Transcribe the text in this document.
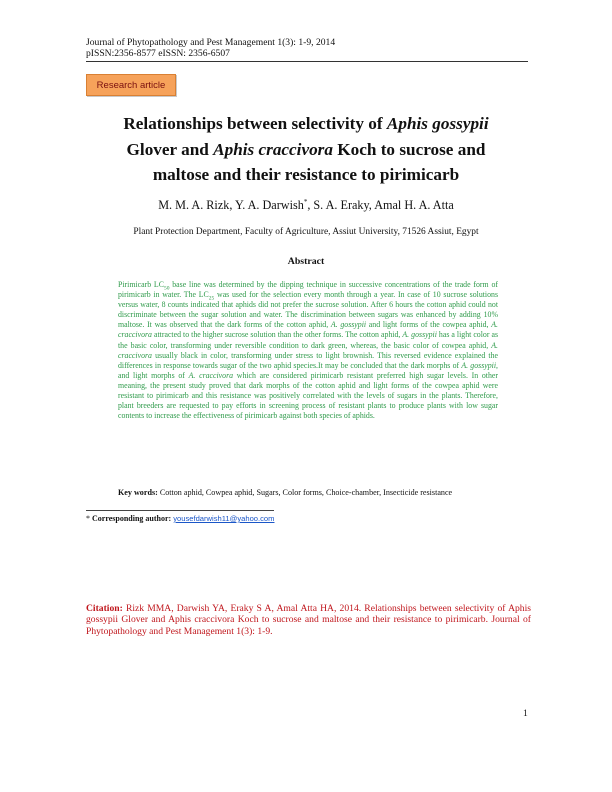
Journal of Phytopathology and Pest Management 1(3): 1-9, 2014
pISSN:2356-8577 eISSN: 2356-6507
Research article
Relationships between selectivity of Aphis gossypii
Glover and Aphis craccivora Koch to sucrose and
maltose and their resistance to pirimicarb
M. M. A. Rizk, Y. A. Darwish*, S. A. Eraky, Amal H. A. Atta
Plant Protection Department, Faculty of Agriculture, Assiut University, 71526 Assiut, Egypt
Abstract
Pirimicarb $LC_{50}$ base line was determined by the dipping technique in successive concentrations of the trade form of pirimicarb in water. The $LC_{25}$ was used for the selection every month through a year. In case of 10 sucrose solutions versus water, 8 counts indicated that aphids did not prefer the sucrose solution. After 6 hours the cotton aphid could not discriminate between the sugar solution and water. The discrimination between sugars was enhanced by adding 10% maltose. It was observed that the dark forms of the cotton aphid, A. gossypii and light forms of the cowpea aphid, A. craccivora attracted to the higher sucrose solution than the other forms. The cotton aphid, A. gossypii has a light color as the basic color, transforming under reversible condition to dark green, whereas, the basic color of cowpea aphid, A. craccivora usually black in color, transforming under stress to light brownish. This reversed evidence explained the differences in response towards sugar of the two aphid species.It may be concluded that the dark morphs of A. gossypii, and light morphs of A. craccivora which are considered pirimicarb resistant preferred high sugar levels. In other meaning, the present study proved that dark morphs of the cotton aphid and light forms of the cowpea aphid were resistant to pirimicarb and this resistance was positively correlated with the levels of sugars in the plants. Therefore, plant breeders are requested to pay efforts in screening process of resistant plants to produce plants with low sugar contents to increase the effectiveness of pirimicarb against both species of aphids.
Key words: Cotton aphid, Cowpea aphid, Sugars, Color forms, Choice-chamber, Insecticide resistance
* Corresponding author: yousefdarwish11@yahoo.com
Citation: Rizk MMA, Darwish YA, Eraky S A, Amal Atta HA, 2014. Relationships between selectivity of Aphis gossypii Glover and Aphis craccivora Koch to sucrose and maltose and their resistance to pirimicarb. Journal of Phytopathology and Pest Management 1(3): 1-9.
1
